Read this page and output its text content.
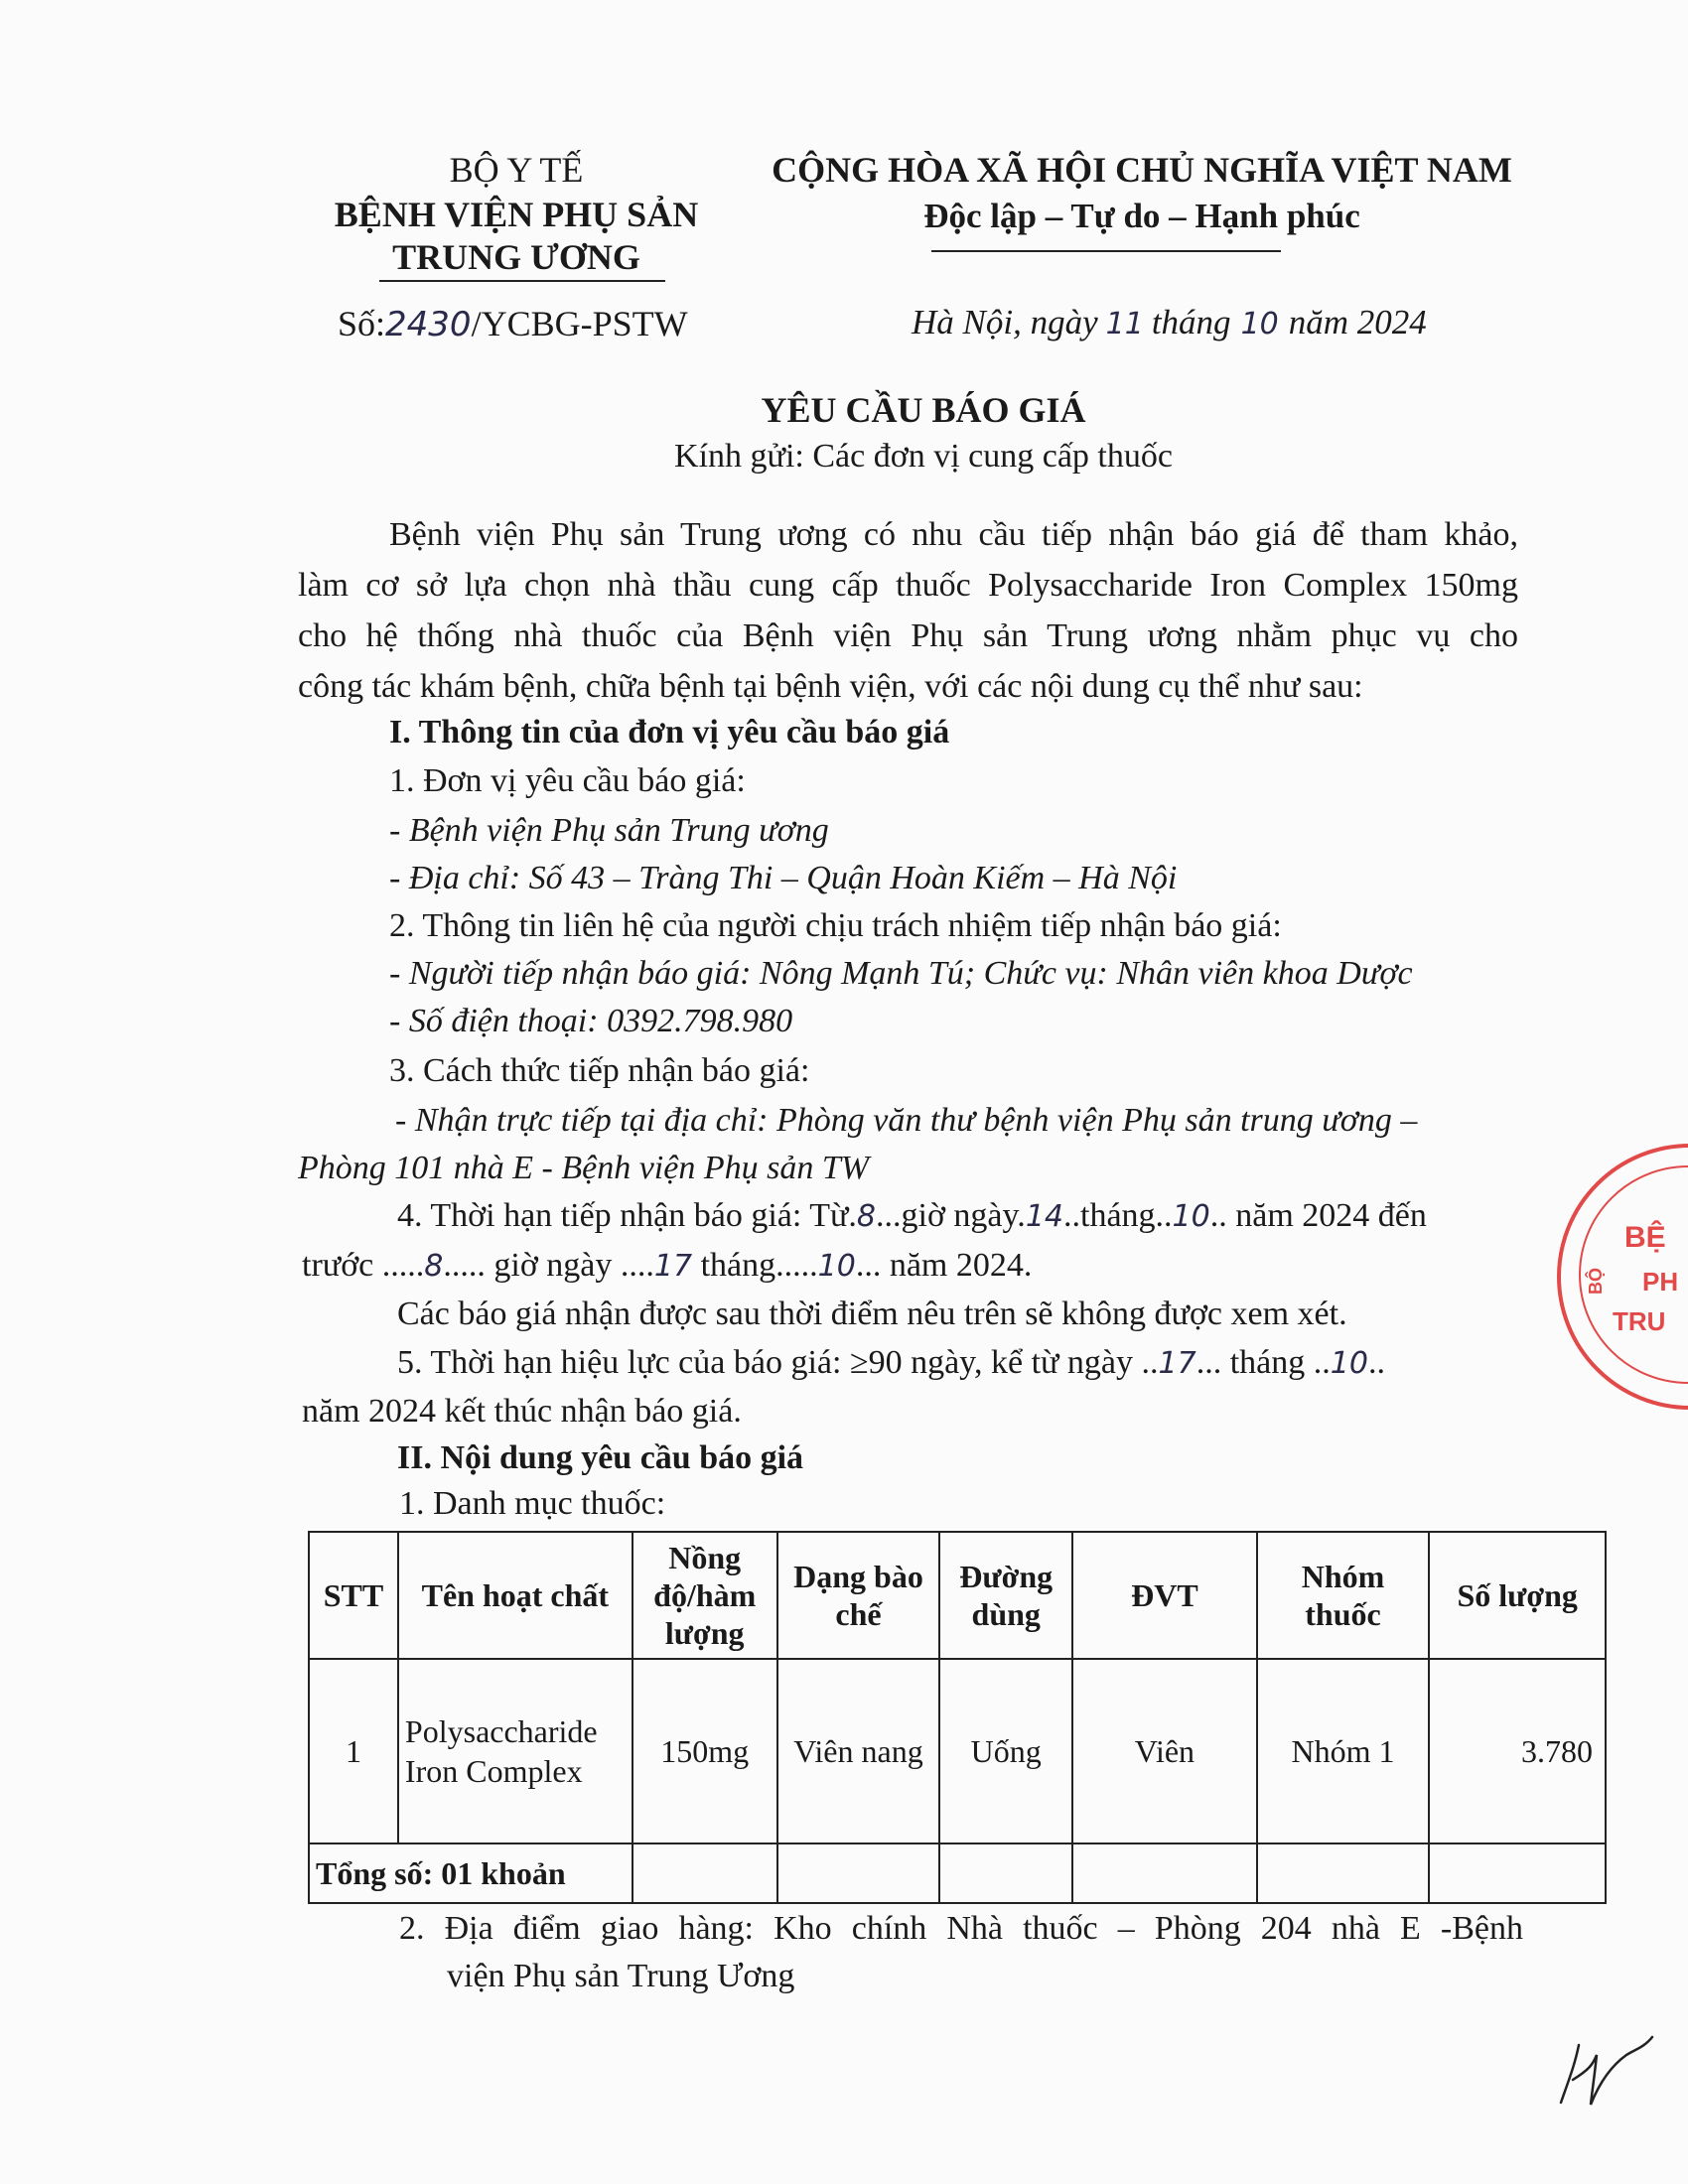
BỘ Y TẾ
BỆNH VIỆN PHỤ SẢN
TRUNG ƯƠNG
Số:2430/YCBG-PSTW
CỘNG HÒA XÃ HỘI CHỦ NGHĨA VIỆT NAM
Độc lập – Tự do – Hạnh phúc
Hà Nội, ngày 11 tháng 10 năm 2024
YÊU CẦU BÁO GIÁ
Kính gửi: Các đơn vị cung cấp thuốc
Bệnh viện Phụ sản Trung ương có nhu cầu tiếp nhận báo giá để tham khảo,
làm cơ sở lựa chọn nhà thầu cung cấp thuốc Polysaccharide Iron Complex 150mg
cho hệ thống nhà thuốc của Bệnh viện Phụ sản Trung ương nhằm phục vụ cho
công tác khám bệnh, chữa bệnh tại bệnh viện, với các nội dung cụ thể như sau:
I. Thông tin của đơn vị yêu cầu báo giá
1. Đơn vị yêu cầu báo giá:
- Bệnh viện Phụ sản Trung ương
- Địa chỉ: Số 43 – Tràng Thi – Quận Hoàn Kiếm – Hà Nội
2. Thông tin liên hệ của người chịu trách nhiệm tiếp nhận báo giá:
- Người tiếp nhận báo giá: Nông Mạnh Tú; Chức vụ: Nhân viên khoa Dược
- Số điện thoại: 0392.798.980
3. Cách thức tiếp nhận báo giá:
- Nhận trực tiếp tại địa chỉ: Phòng văn thư bệnh viện Phụ sản trung ương –
Phòng 101 nhà E - Bệnh viện Phụ sản TW
4. Thời hạn tiếp nhận báo giá: Từ.8...giờ ngày.14..tháng..10.. năm 2024 đến
trước .....8..... giờ ngày ....17 tháng.....10... năm 2024.
Các báo giá nhận được sau thời điểm nêu trên sẽ không được xem xét.
5. Thời hạn hiệu lực của báo giá: ≥90 ngày, kể từ ngày ..17... tháng ..10..
năm 2024 kết thúc nhận báo giá.
II. Nội dung yêu cầu báo giá
1. Danh mục thuốc:
STT	Tên hoạt chất	Nồng độ/hàm lượng	Dạng bào chế	Đường dùng	ĐVT	Nhóm thuốc	Số lượng
1	Polysaccharide Iron Complex	150mg	Viên nang	Uống	Viên	Nhóm 1	3.780
Tổng số: 01 khoản							
2. Địa điểm giao hàng: Kho chính Nhà thuốc – Phòng 204 nhà E -Bệnh
viện Phụ sản Trung Ương
BỆ
PH
TRU
BỘ
